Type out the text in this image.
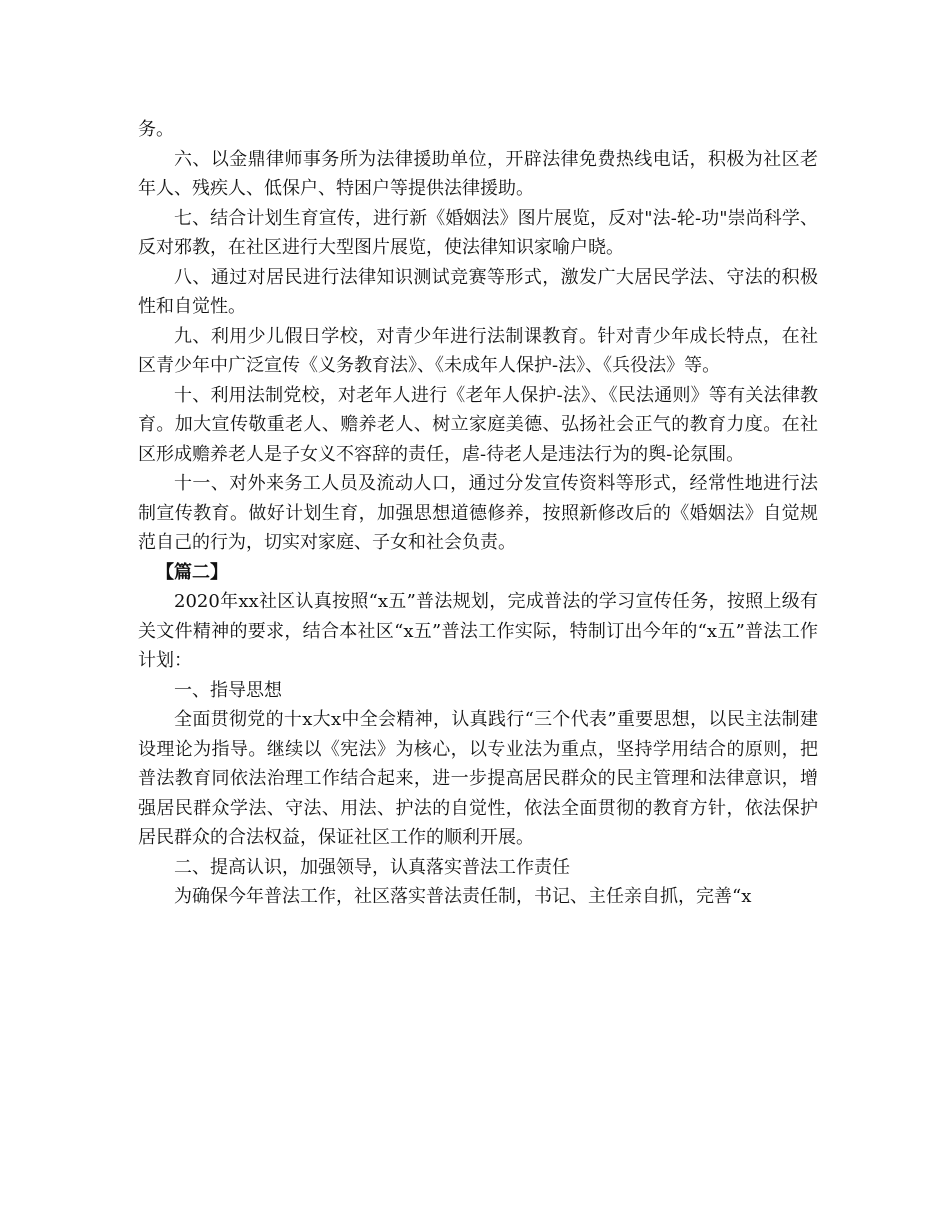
务。

六、以金鼎律师事务所为法律援助单位，开辟法律免费热线电话，积极为社区老年人、残疾人、低保户、特困户等提供法律援助。

七、结合计划生育宣传，进行新《婚姻法》图片展览，反对"法-轮-功"崇尚科学、反对邪教，在社区进行大型图片展览，使法律知识家喻户晓。

八、通过对居民进行法律知识测试竞赛等形式，激发广大居民学法、守法的积极性和自觉性。

九、利用少儿假日学校，对青少年进行法制课教育。针对青少年成长特点，在社区青少年中广泛宣传《义务教育法》、《未成年人保护-法》、《兵役法》等。

十、利用法制党校，对老年人进行《老年人保护-法》、《民法通则》等有关法律教育。加大宣传敬重老人、赡养老人、树立家庭美德、弘扬社会正气的教育力度。在社区形成赡养老人是子女义不容辞的责任，虐-待老人是违法行为的舆-论氛围。

十一、对外来务工人员及流动人口，通过分发宣传资料等形式，经常性地进行法制宣传教育。做好计划生育，加强思想道德修养，按照新修改后的《婚姻法》自觉规范自己的行为，切实对家庭、子女和社会负责。

【篇二】

2020年xx社区认真按照“x五”普法规划，完成普法的学习宣传任务，按照上级有关文件精神的要求，结合本社区“x五”普法工作实际，特制订出今年的“x五”普法工作计划：

一、指导思想

全面贯彻党的十x大x中全会精神，认真践行“三个代表”重要思想，以民主法制建设理论为指导。继续以《宪法》为核心，以专业法为重点，坚持学用结合的原则，把普法教育同依法治理工作结合起来，进一步提高居民群众的民主管理和法律意识，增强居民群众学法、守法、用法、护法的自觉性，依法全面贯彻的教育方针，依法保护居民群众的合法权益，保证社区工作的顺利开展。

二、提高认识，加强领导，认真落实普法工作责任

为确保今年普法工作，社区落实普法责任制，书记、主任亲自抓，完善“x
